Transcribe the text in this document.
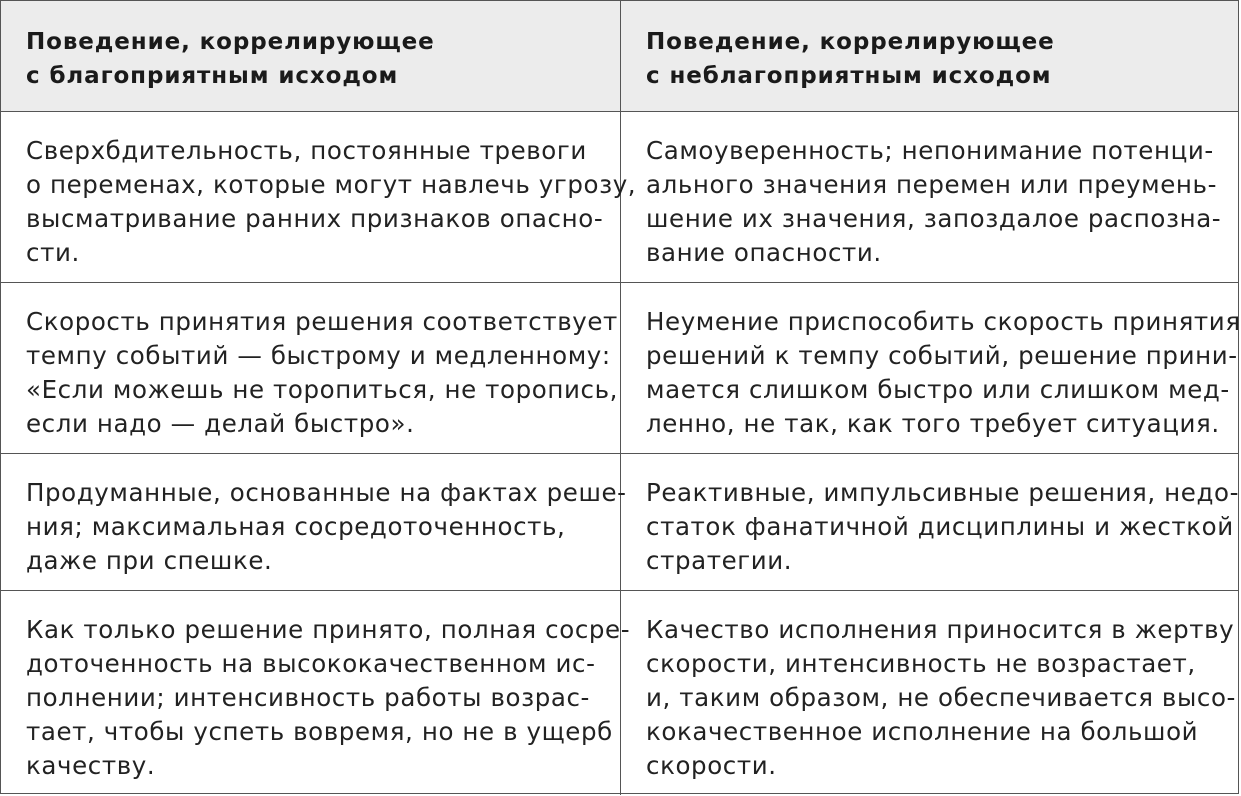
Поведение, коррелирующее
с благоприятным исходом
Поведение, коррелирующее
с неблагоприятным исходом
Сверхбдительность, постоянные тревоги
о переменах, которые могут навлечь угрозу,
высматривание ранних признаков опасно-
сти.
Самоуверенность; непонимание потенци-
ального значения перемен или преумень-
шение их значения, запоздалое распозна-
вание опасности.
Скорость принятия решения соответствует
темпу событий — быстрому и медленному:
«Если можешь не торопиться, не торопись,
если надо — делай быстро».
Неумение приспособить скорость принятия
решений к темпу событий, решение прини-
мается слишком быстро или слишком мед-
ленно, не так, как того требует ситуация.
Продуманные, основанные на фактах реше-
ния; максимальная сосредоточенность,
даже при спешке.
Реактивные, импульсивные решения, недо-
статок фанатичной дисциплины и жесткой
стратегии.
Как только решение принято, полная сосре-
доточенность на высококачественном ис-
полнении; интенсивность работы возрас-
тает, чтобы успеть вовремя, но не в ущерб
качеству.
Качество исполнения приносится в жертву
скорости, интенсивность не возрастает,
и, таким образом, не обеспечивается высо-
кокачественное исполнение на большой
скорости.
